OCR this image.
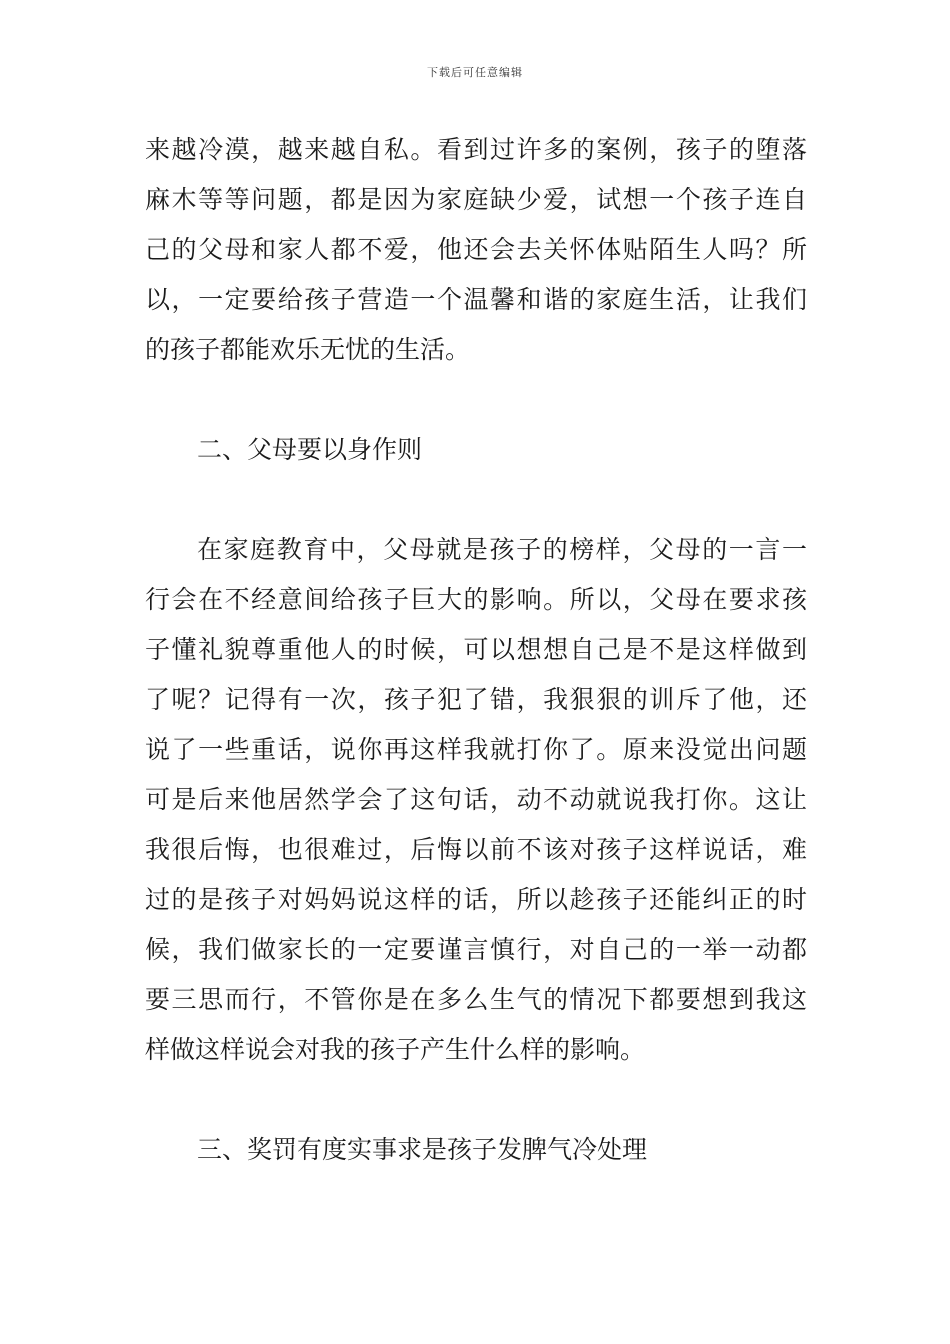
下载后可任意编辑
来越冷漠，越来越自私。看到过许多的案例，孩子的堕落
麻木等等问题，都是因为家庭缺少爱，试想一个孩子连自
己的父母和家人都不爱，他还会去关怀体贴陌生人吗？所
以，一定要给孩子营造一个温馨和谐的家庭生活，让我们
的孩子都能欢乐无忧的生活。
二、父母要以身作则
在家庭教育中，父母就是孩子的榜样，父母的一言一
行会在不经意间给孩子巨大的影响。所以，父母在要求孩
子懂礼貌尊重他人的时候，可以想想自己是不是这样做到
了呢？记得有一次，孩子犯了错，我狠狠的训斥了他，还
说了一些重话，说你再这样我就打你了。原来没觉出问题
可是后来他居然学会了这句话，动不动就说我打你。这让
我很后悔，也很难过，后悔以前不该对孩子这样说话，难
过的是孩子对妈妈说这样的话，所以趁孩子还能纠正的时
候，我们做家长的一定要谨言慎行，对自己的一举一动都
要三思而行，不管你是在多么生气的情况下都要想到我这
样做这样说会对我的孩子产生什么样的影响。
三、奖罚有度实事求是孩子发脾气冷处理
